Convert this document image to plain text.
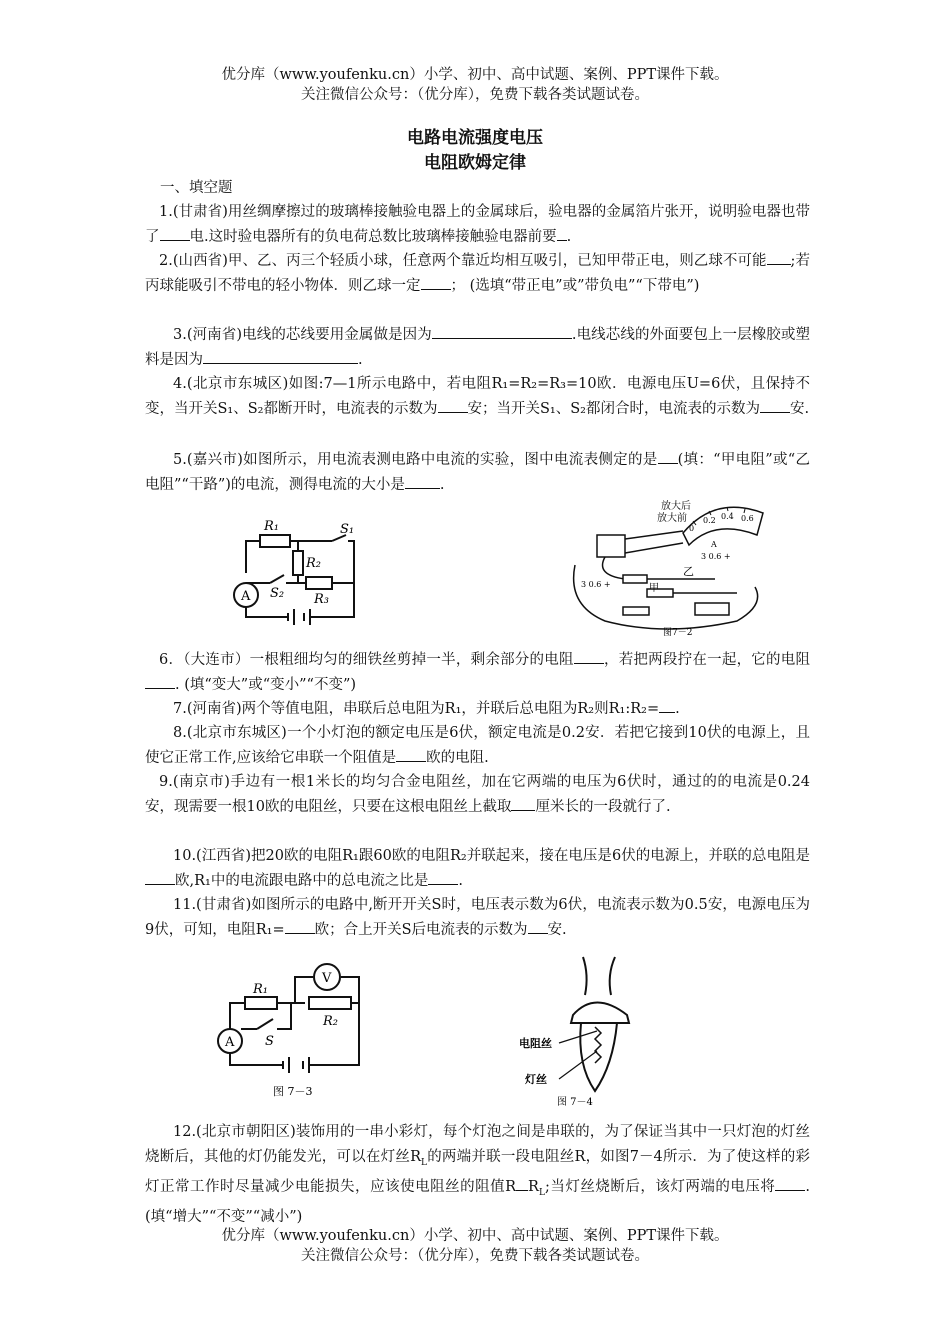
优分库（www.youfenku.cn）小学、初中、高中试题、案例、PPT课件下载。
关注微信公众号：（优分库），免费下载各类试题试卷。
电路电流强度电压
电阻欧姆定律
一、填空题
1.(甘肃省)用丝绸摩擦过的玻璃棒接触验电器上的金属球后，验电器的金属箔片张开，说明验电器也带了 电.这时验电器所有的负电荷总数比玻璃棒接触验电器前要 .
2.(山西省)甲、乙、丙三个轻质小球，任意两个靠近均相互吸引，已知甲带正电，则乙球不可能 ;若丙球能吸引不带电的轻小物体．则乙球一定 ； (选填“带正电”或”带负电”“下带电”)
3.(河南省)电线的芯线要用金属做是因为	.电线芯线的外面要包上一层橡胶或塑料是因为	.
4.(北京市东城区)如图:7—1所示电路中，若电阻R₁=R₂=R₃=10欧．电源电压U=6伏，且保持不变，当开关S₁、S₂都断开时，电流表的示数为 安；当开关S₁、S₂都闭合时，电流表的示数为 安.
5.(嘉兴市)如图所示，用电流表测电路中电流的实验，图中电流表侧定的是 (填：“甲电阻”或“乙电阻”“干路”)的电流，测得电流的大小是 .
A
R₁
R₂
R₃
S₁
S₂
放大后
放大前
0
0.2 0.4 0.6
A
3 0.6 +
3 0.6 +
乙
甲
图7－2
6．（大连市）一根粗细均匀的细铁丝剪掉一半，剩余部分的电阻 ，若把两段拧在一起，它的电阻. (填“变大”或“变小”“不变”)
7.(河南省)两个等值电阻，串联后总电阻为R₁，并联后总电阻为R₂则R₁:R₂= .
8.(北京市东城区)一个小灯泡的额定电压是6伏，额定电流是0.2安．若把它接到10伏的电源上，且使它正常工作,应该给它串联一个阻值是 欧的电阻.
9.(南京市)手边有一根1米长的均匀合金电阻丝，加在它两端的电压为6伏时，通过的的电流是0.24安，现需要一根10欧的电阻丝，只要在这根电阻丝上截取 厘米长的一段就行了.
10.(江西省)把20欧的电阻R₁跟60欧的电阻R₂并联起来，接在电压是6伏的电源上，并联的总电阻是欧,R₁中的电流跟电路中的总电流之比是 .
11.(甘肃省)如图所示的电路中,断开开关S时，电压表示数为6伏，电流表示数为0.5安，电源电压为9伏，可知，电阻R₁= 欧；合上开关S后电流表的示数为 安.
A
V
R₁
R₂
S
图 7－3
电阻丝
灯丝
图 7－4
12.(北京市朝阳区)装饰用的一串小彩灯，每个灯泡之间是串联的，为了保证当其中一只灯泡的灯丝烧断后，其他的灯仍能发光，可以在灯丝$R_L$的两端并联一段电阻丝R，如图7－4所示．为了使这样的彩灯正常工作时尽量减少电能损失，应该使电阻丝的阻值R $R_L$;当灯丝烧断后，该灯两端的电压将 .(填“增大”“不变”“减小”)
优分库（www.youfenku.cn）小学、初中、高中试题、案例、PPT课件下载。
关注微信公众号：（优分库），免费下载各类试题试卷。
